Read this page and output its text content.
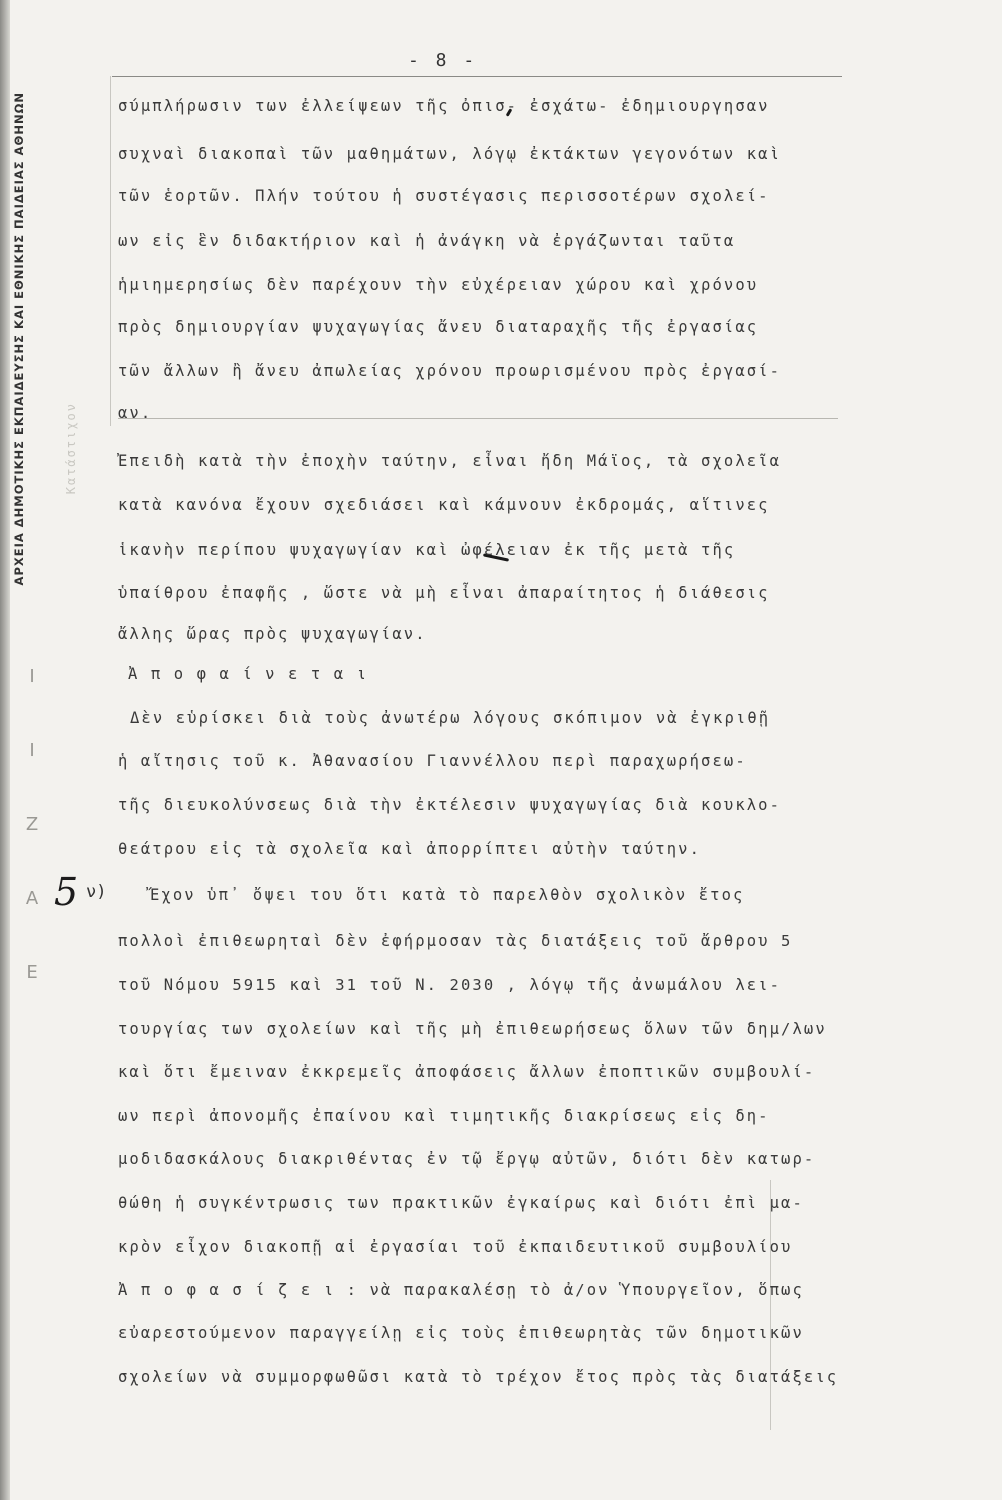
ΑΡΧΕΙΑ ΔΗΜΟΤΙΚΗΣ ΕΚΠΑΙΔΕΥΣΗΣ ΚΑΙ ΕΘΝΙΚΗΣ ΠΑΙΔΕΙΑΣ ΑΘΗΝΩΝ	Κατάστιχον
Ι
Ι
Ζ
Α
Ε
- 8 -
5 ν)
σύμπλήρωσιν των ἐλλείψεων τῆς ὀπισ- ἐσχάτω- ἐδημιουργησαν
συχναὶ διακοπαὶ τῶν μαθημάτων, λόγῳ ἐκτάκτων γεγονότων καὶ
τῶν ἑορτῶν. Πλήν τούτου ἡ συστέγασις περισσοτέρων σχολεί-
ων εἰς ἓν διδακτήριον καὶ ἡ ἀνάγκη νὰ ἐργάζωνται ταῦτα
ἡμιημερησίως δὲν παρέχουν τὴν εὐχέρειαν χώρου καὶ χρόνου
πρὸς δημιουργίαν ψυχαγωγίας ἄνευ διαταραχῆς τῆς ἐργασίας
τῶν ἄλλων ἢ ἄνευ ἀπωλείας χρόνου προωρισμένου πρὸς ἐργασί-
αν.
Ἐπειδὴ κατὰ τὴν ἐποχὴν ταύτην, εἶναι ἤδη Μάϊος, τὰ σχολεῖα
κατὰ κανόνα ἔχουν σχεδιάσει καὶ κάμνουν ἐκδρομάς, αἵτινες
ἱκανὴν περίπου ψυχαγωγίαν καὶ ὠφέλειαν ἐκ τῆς μετὰ τῆς
ὑπαίθρου ἐπαφῆς , ὥστε νὰ μὴ εἶναι ἀπαραίτητος ἡ διάθεσις
ἄλλης ὥρας πρὸς ψυχαγωγίαν.
Ἀ π ο φ α ί ν ε τ α ι
Δὲν εὑρίσκει διὰ τοὺς ἀνωτέρω λόγους σκόπιμον νὰ ἐγκριθῇ
ἡ αἴτησις τοῦ κ. Ἀθανασίου Γιαννέλλου περὶ παραχωρήσεω-
τῆς διευκολύνσεως διὰ τὴν ἐκτέλεσιν ψυχαγωγίας διὰ κουκλο-
θεάτρου εἰς τὰ σχολεῖα καὶ ἀπορρίπτει αὐτὴν ταύτην.
Ἔχον ὑπ᾽ ὄψει του ὅτι κατὰ τὸ παρελθὸν σχολικὸν ἔτος
πολλοὶ ἐπιθεωρηταὶ δὲν ἐφήρμοσαν τὰς διατάξεις τοῦ ἄρθρου 5
τοῦ Νόμου 5915 καὶ 31 τοῦ Ν. 2030 , λόγῳ τῆς ἀνωμάλου λει-
τουργίας των σχολείων καὶ τῆς μὴ ἐπιθεωρήσεως ὅλων τῶν δημ/λων
καὶ ὅτι ἔμειναν ἐκκρεμεῖς ἀποφάσεις ἄλλων ἐποπτικῶν συμβουλί-
ων περὶ ἀπονομῆς ἐπαίνου καὶ τιμητικῆς διακρίσεως εἰς δη-
μοδιδασκάλους διακριθέντας ἐν τῷ ἔργῳ αὐτῶν, διότι δὲν κατωρ-
θώθη ἡ συγκέντρωσις των πρακτικῶν ἐγκαίρως καὶ διότι ἐπὶ μα-
κρὸν εἶχον διακοπῇ αἱ ἐργασίαι τοῦ ἐκπαιδευτικοῦ συμβουλίου
Ἀ π ο φ α σ ί ζ ε ι : νὰ παρακαλέσῃ τὸ ἀ/ον Ὑπουργεῖον, ὅπως
εὐαρεστούμενον παραγγείλῃ εἰς τοὺς ἐπιθεωρητὰς τῶν δημοτικῶν
σχολείων νὰ συμμορφωθῶσι κατὰ τὸ τρέχον ἔτος πρὸς τὰς διατάξεις
